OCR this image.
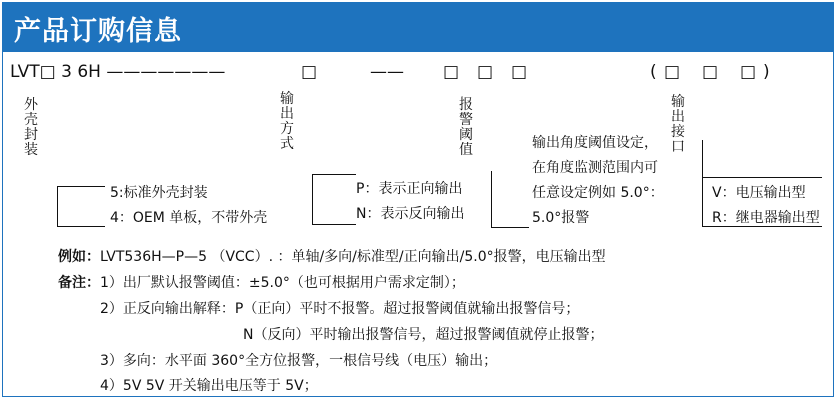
产品订购信息
LVT□ 3 6H ———————	□	—— □ □ □	( □ □ □ )
外壳封装
输出方式
报警阈值
输出接口
5:标准外壳封装
4：OEM 单板，不带外壳
P：表示正向输出
N：表示反向输出
输出角度阈值设定，
在角度监测范围内可
任意设定例如 5.0°：
5.0°报警
V：电压输出型
R：继电器输出型
例如：LVT536H—P—5 （VCC）. ：单轴/多向/标准型/正向输出/5.0°报警，电压输出型
备注：1）出厂默认报警阈值：±5.0°（也可根据用户需求定制）；
2）正反向输出解释：P（正向）平时不报警。超过报警阈值就输出报警信号；
N（反向）平时输出报警信号，超过报警阈值就停止报警；
3）多向：水平面 360°全方位报警，一根信号线（电压）输出；
4）5V 5V 开关输出电压等于 5V；
